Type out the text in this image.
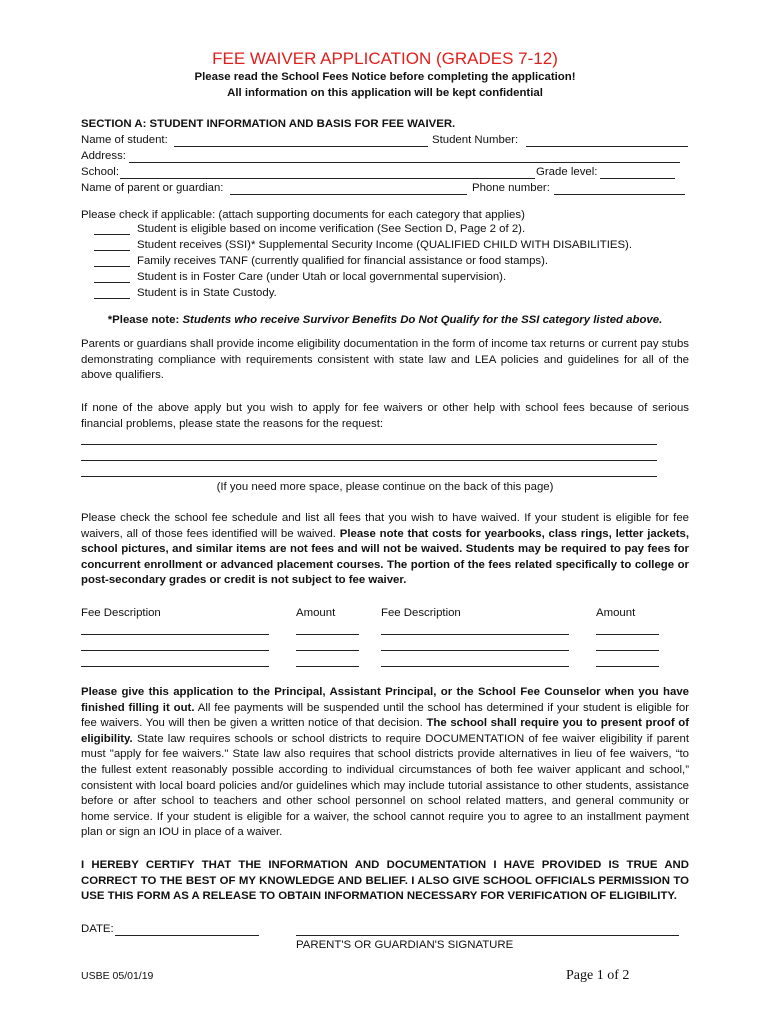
FEE WAIVER APPLICATION (GRADES 7-12)
Please read the School Fees Notice before completing the application!
All information on this application will be kept confidential
SECTION A: STUDENT INFORMATION AND BASIS FOR FEE WAIVER.
Name of student:	Student Number:
Address:
School:	Grade level:
Name of parent or guardian:	Phone number:
Please check if applicable: (attach supporting documents for each category that applies)
Student is eligible based on income verification (See Section D, Page 2 of 2).
Student receives (SSI)* Supplemental Security Income (QUALIFIED CHILD WITH DISABILITIES).
Family receives TANF (currently qualified for financial assistance or food stamps).
Student is in Foster Care (under Utah or local governmental supervision).
Student is in State Custody.
*Please note: Students who receive Survivor Benefits Do Not Qualify for the SSI category listed above.

Parents or guardians shall provide income eligibility documentation in the form of income tax returns or current pay stubs demonstrating compliance with requirements consistent with state law and LEA policies and guidelines for all of the above qualifiers.

If none of the above apply but you wish to apply for fee waivers or other help with school fees because of serious financial problems, please state the reasons for the request:

(If you need more space, please continue on the back of this page)

Please check the school fee schedule and list all fees that you wish to have waived. If your student is eligible for fee waivers, all of those fees identified will be waived. Please note that costs for yearbooks, class rings, letter jackets, school pictures, and similar items are not fees and will not be waived. Students may be required to pay fees for concurrent enrollment or advanced placement courses. The portion of the fees related specifically to college or post-secondary grades or credit is not subject to fee waiver.

Fee Description	Amount	Fee Description	Amount

Please give this application to the Principal, Assistant Principal, or the School Fee Counselor when you have finished filling it out. All fee payments will be suspended until the school has determined if your student is eligible for fee waivers. You will then be given a written notice of that decision. The school shall require you to present proof of eligibility. State law requires schools or school districts to require DOCUMENTATION of fee waiver eligibility if parent must "apply for fee waivers." State law also requires that school districts provide alternatives in lieu of fee waivers, “to the fullest extent reasonably possible according to individual circumstances of both fee waiver applicant and school,” consistent with local board policies and/or guidelines which may include tutorial assistance to other students, assistance before or after school to teachers and other school personnel on school related matters, and general community or home service. If your student is eligible for a waiver, the school cannot require you to agree to an installment payment plan or sign an IOU in place of a waiver.

I HEREBY CERTIFY THAT THE INFORMATION AND DOCUMENTATION I HAVE PROVIDED IS TRUE AND CORRECT TO THE BEST OF MY KNOWLEDGE AND BELIEF. I ALSO GIVE SCHOOL OFFICIALS PERMISSION TO USE THIS FORM AS A RELEASE TO OBTAIN INFORMATION NECESSARY FOR VERIFICATION OF ELIGIBILITY.

DATE:
PARENT'S OR GUARDIAN'S SIGNATURE
USBE 05/01/19	Page 1 of 2
